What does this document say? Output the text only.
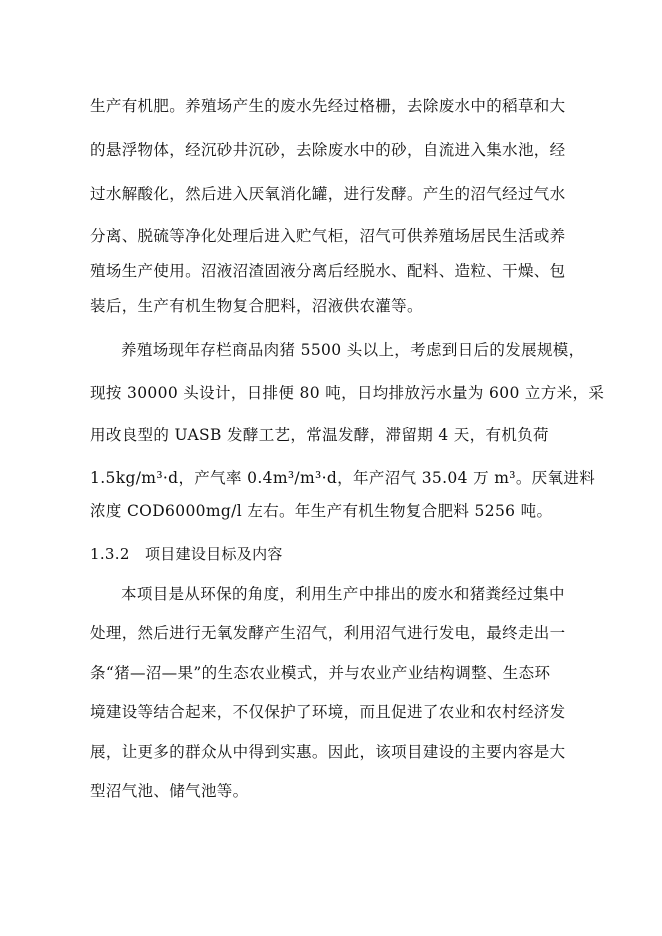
生产有机肥。养殖场产生的废水先经过格栅，去除废水中的稻草和大
的悬浮物体，经沉砂井沉砂，去除废水中的砂，自流进入集水池，经
过水解酸化，然后进入厌氧消化罐，进行发酵。产生的沼气经过气水
分离、脱硫等净化处理后进入贮气柜，沼气可供养殖场居民生活或养
殖场生产使用。沼液沼渣固液分离后经脱水、配料、造粒、干燥、包
装后，生产有机生物复合肥料，沼液供农灌等。
养殖场现年存栏商品肉猪 5500 头以上，考虑到日后的发展规模，
现按 30000 头设计，日排便 80 吨，日均排放污水量为 600 立方米，采
用改良型的 UASB 发酵工艺，常温发酵，滞留期 4 天，有机负荷
1.5kg/m³·d，产气率 0.4m³/m³·d，年产沼气 35.04 万 m³。厌氧进料
浓度 COD6000mg/l 左右。年生产有机生物复合肥料 5256 吨。
1.3.2　项目建设目标及内容
本项目是从环保的角度，利用生产中排出的废水和猪粪经过集中
处理，然后进行无氧发酵产生沼气，利用沼气进行发电，最终走出一
条“猪—沼—果”的生态农业模式，并与农业产业结构调整、生态环
境建设等结合起来，不仅保护了环境，而且促进了农业和农村经济发
展，让更多的群众从中得到实惠。因此，该项目建设的主要内容是大
型沼气池、储气池等。
